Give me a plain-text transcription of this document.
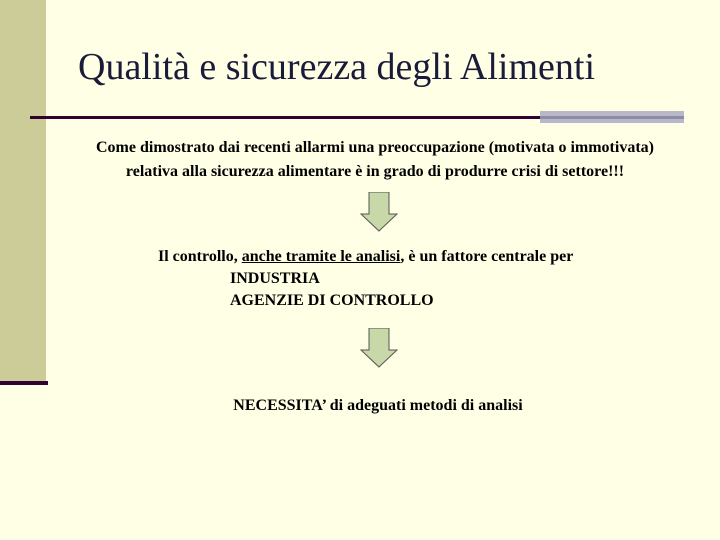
Qualità e sicurezza degli Alimenti
Come dimostrato dai recenti allarmi una preoccupazione (motivata o immotivata)
relativa alla sicurezza alimentare è in grado di produrre crisi di settore!!!
Il controllo, anche tramite le analisi, è un fattore centrale per
INDUSTRIA
AGENZIE DI CONTROLLO
NECESSITA’ di adeguati metodi di analisi
